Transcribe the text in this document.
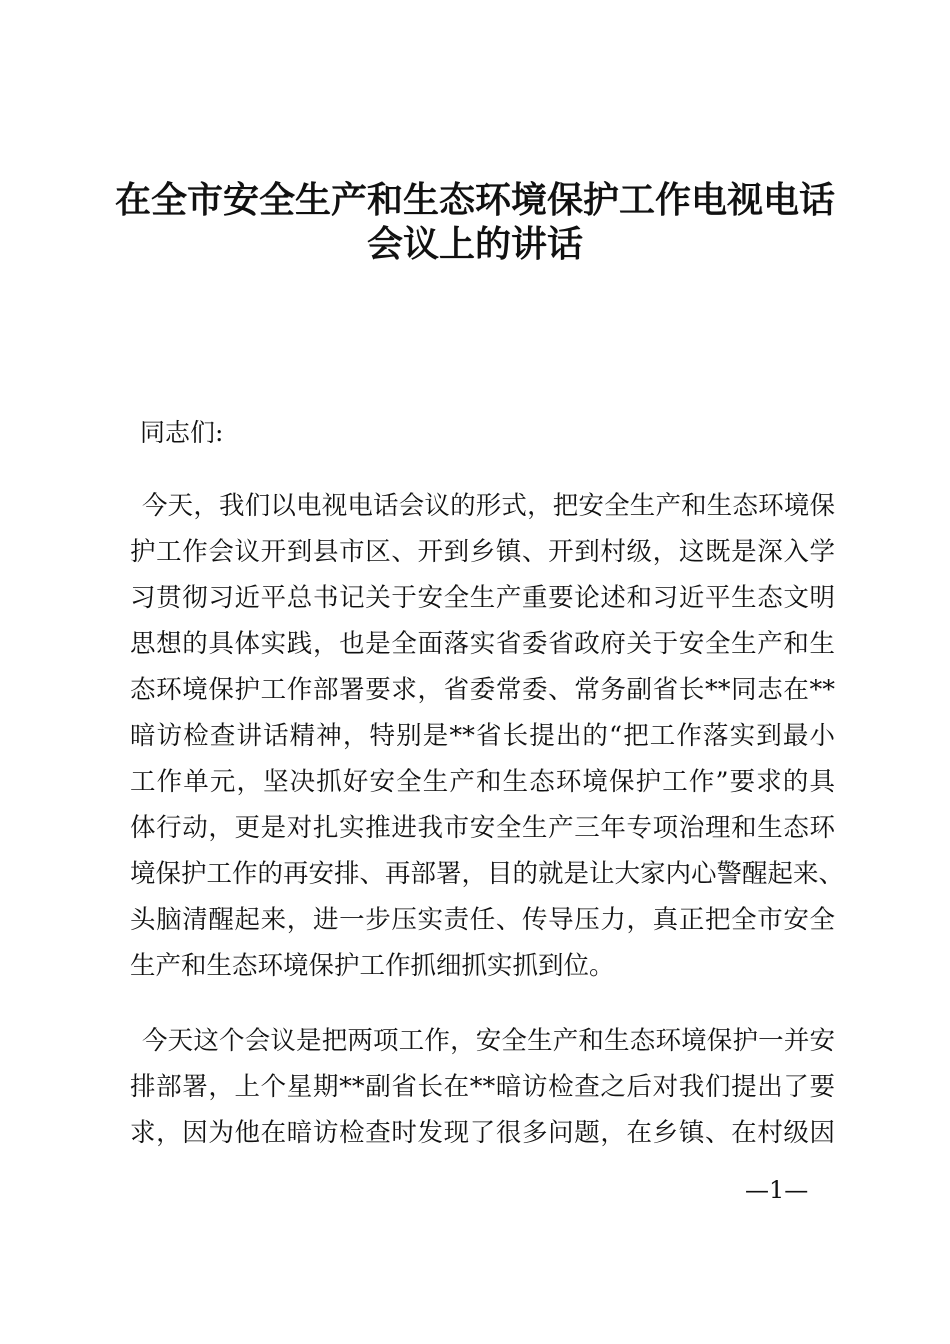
在全市安全生产和生态环境保护工作电视电话
会议上的讲话
同志们:
今天，我们以电视电话会议的形式，把安全生产和生态环境保
护工作会议开到县市区、开到乡镇、开到村级，这既是深入学
习贯彻习近平总书记关于安全生产重要论述和习近平生态文明
思想的具体实践，也是全面落实省委省政府关于安全生产和生
态环境保护工作部署要求，省委常委、常务副省长**同志在**
暗访检查讲话精神，特别是**省长提出的“把工作落实到最小
工作单元，坚决抓好安全生产和生态环境保护工作”要求的具
体行动，更是对扎实推进我市安全生产三年专项治理和生态环
境保护工作的再安排、再部署，目的就是让大家内心警醒起来、
头脑清醒起来，进一步压实责任、传导压力，真正把全市安全
生产和生态环境保护工作抓细抓实抓到位。
今天这个会议是把两项工作，安全生产和生态环境保护一并安
排部署，上个星期**副省长在**暗访检查之后对我们提出了要
求，因为他在暗访检查时发现了很多问题，在乡镇、在村级因
—1—
